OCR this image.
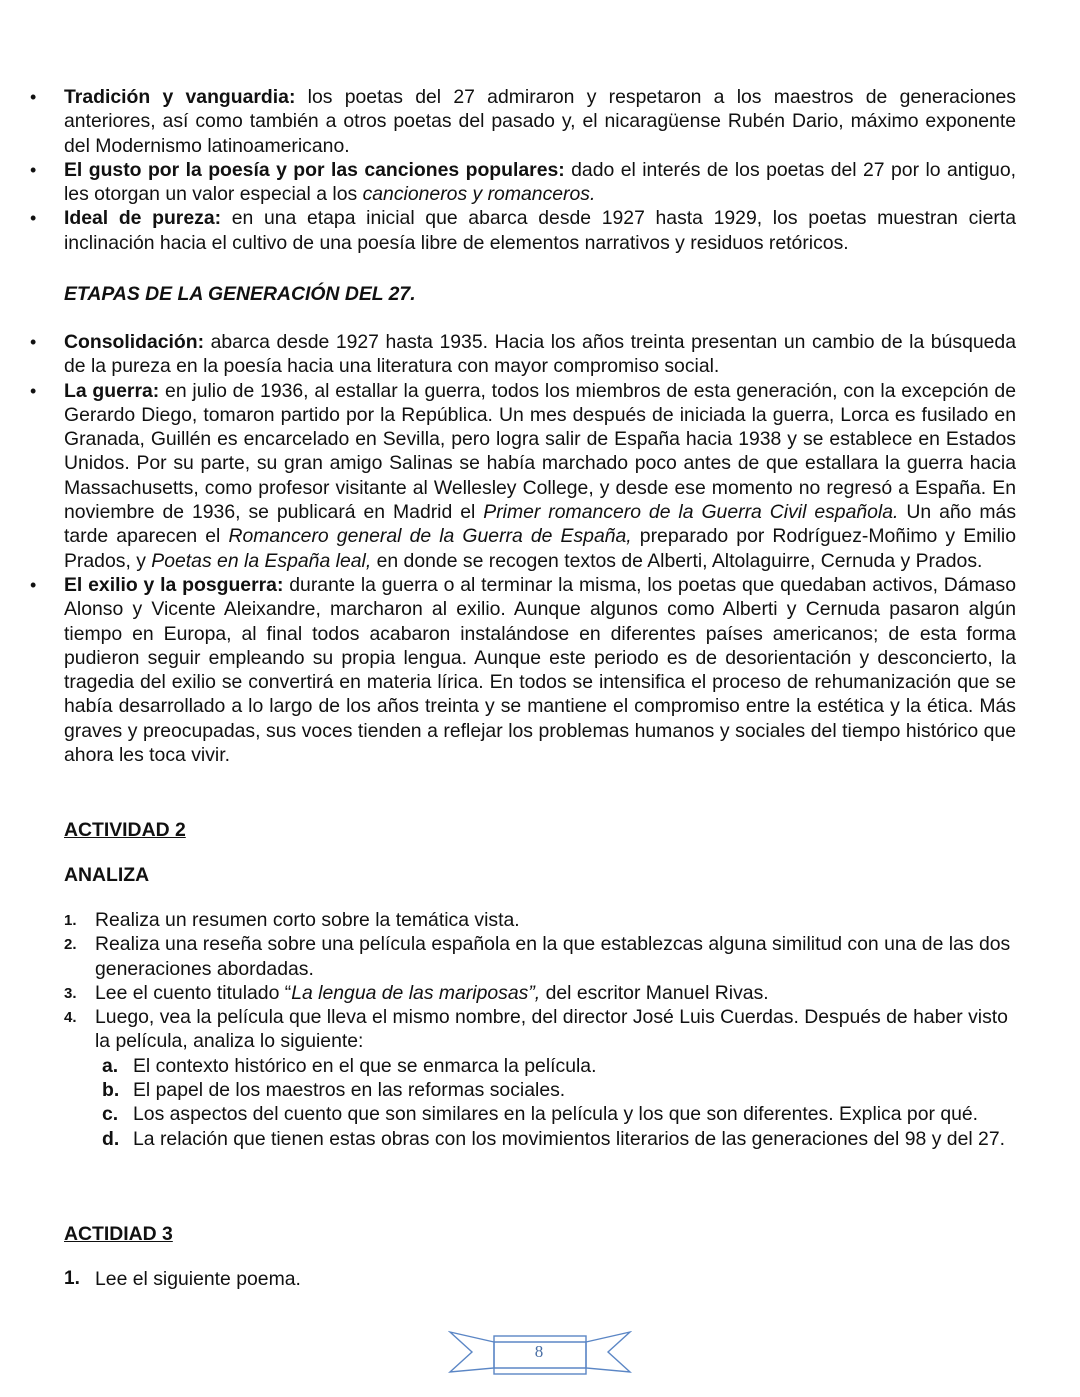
• Tradición y vanguardia: los poetas del 27 admiraron y respetaron a los maestros de generaciones anteriores, así como también a otros poetas del pasado y, el nicaragüense Rubén Dario, máximo exponente del Modernismo latinoamericano.
• El gusto por la poesía y por las canciones populares: dado el interés de los poetas del 27 por lo antiguo, les otorgan un valor especial a los cancioneros y romanceros.
• Ideal de pureza: en una etapa inicial que abarca desde 1927 hasta 1929, los poetas muestran cierta inclinación hacia el cultivo de una poesía libre de elementos narrativos y residuos retóricos.
ETAPAS DE LA GENERACIÓN DEL 27.
• Consolidación: abarca desde 1927 hasta 1935. Hacia los años treinta presentan un cambio de la búsqueda de la pureza en la poesía hacia una literatura con mayor compromiso social.
• La guerra: en julio de 1936, al estallar la guerra, todos los miembros de esta generación, con la excepción de Gerardo Diego, tomaron partido por la República. Un mes después de iniciada la guerra, Lorca es fusilado en Granada, Guillén es encarcelado en Sevilla, pero logra salir de España hacia 1938 y se establece en Estados Unidos. Por su parte, su gran amigo Salinas se había marchado poco antes de que estallara la guerra hacia Massachusetts, como profesor visitante al Wellesley College, y desde ese momento no regresó a España. En noviembre de 1936, se publicará en Madrid el Primer romancero de la Guerra Civil española. Un año más tarde aparecen el Romancero general de la Guerra de España, preparado por Rodríguez-Moñimo y Emilio Prados, y Poetas en la España leal, en donde se recogen textos de Alberti, Altolaguirre, Cernuda y Prados.
• El exilio y la posguerra: durante la guerra o al terminar la misma, los poetas que quedaban activos, Dámaso Alonso y Vicente Aleixandre, marcharon al exilio. Aunque algunos como Alberti y Cernuda pasaron algún tiempo en Europa, al final todos acabaron instalándose en diferentes países americanos; de esta forma pudieron seguir empleando su propia lengua. Aunque este periodo es de desorientación y desconcierto, la tragedia del exilio se convertirá en materia lírica. En todos se intensifica el proceso de rehumanización que se había desarrollado a lo largo de los años treinta y se mantiene el compromiso entre la estética y la ética. Más graves y preocupadas, sus voces tienden a reflejar los problemas humanos y sociales del tiempo histórico que ahora les toca vivir.
ACTIVIDAD 2
ANALIZA
1. Realiza un resumen corto sobre la temática vista.
2. Realiza una reseña sobre una película española en la que establezcas alguna similitud con una de las dos generaciones abordadas.
3. Lee el cuento titulado “La lengua de las mariposas”, del escritor Manuel Rivas.
4. Luego, vea la película que lleva el mismo nombre, del director José Luis Cuerdas. Después de haber visto la película, analiza lo siguiente:
a. El contexto histórico en el que se enmarca la película.
b. El papel de los maestros en las reformas sociales.
c. Los aspectos del cuento que son similares en la película y los que son diferentes. Explica por qué.
d. La relación que tienen estas obras con los movimientos literarios de las generaciones del 98 y del 27.
ACTIDIAD 3
1. Lee el siguiente poema.
8
